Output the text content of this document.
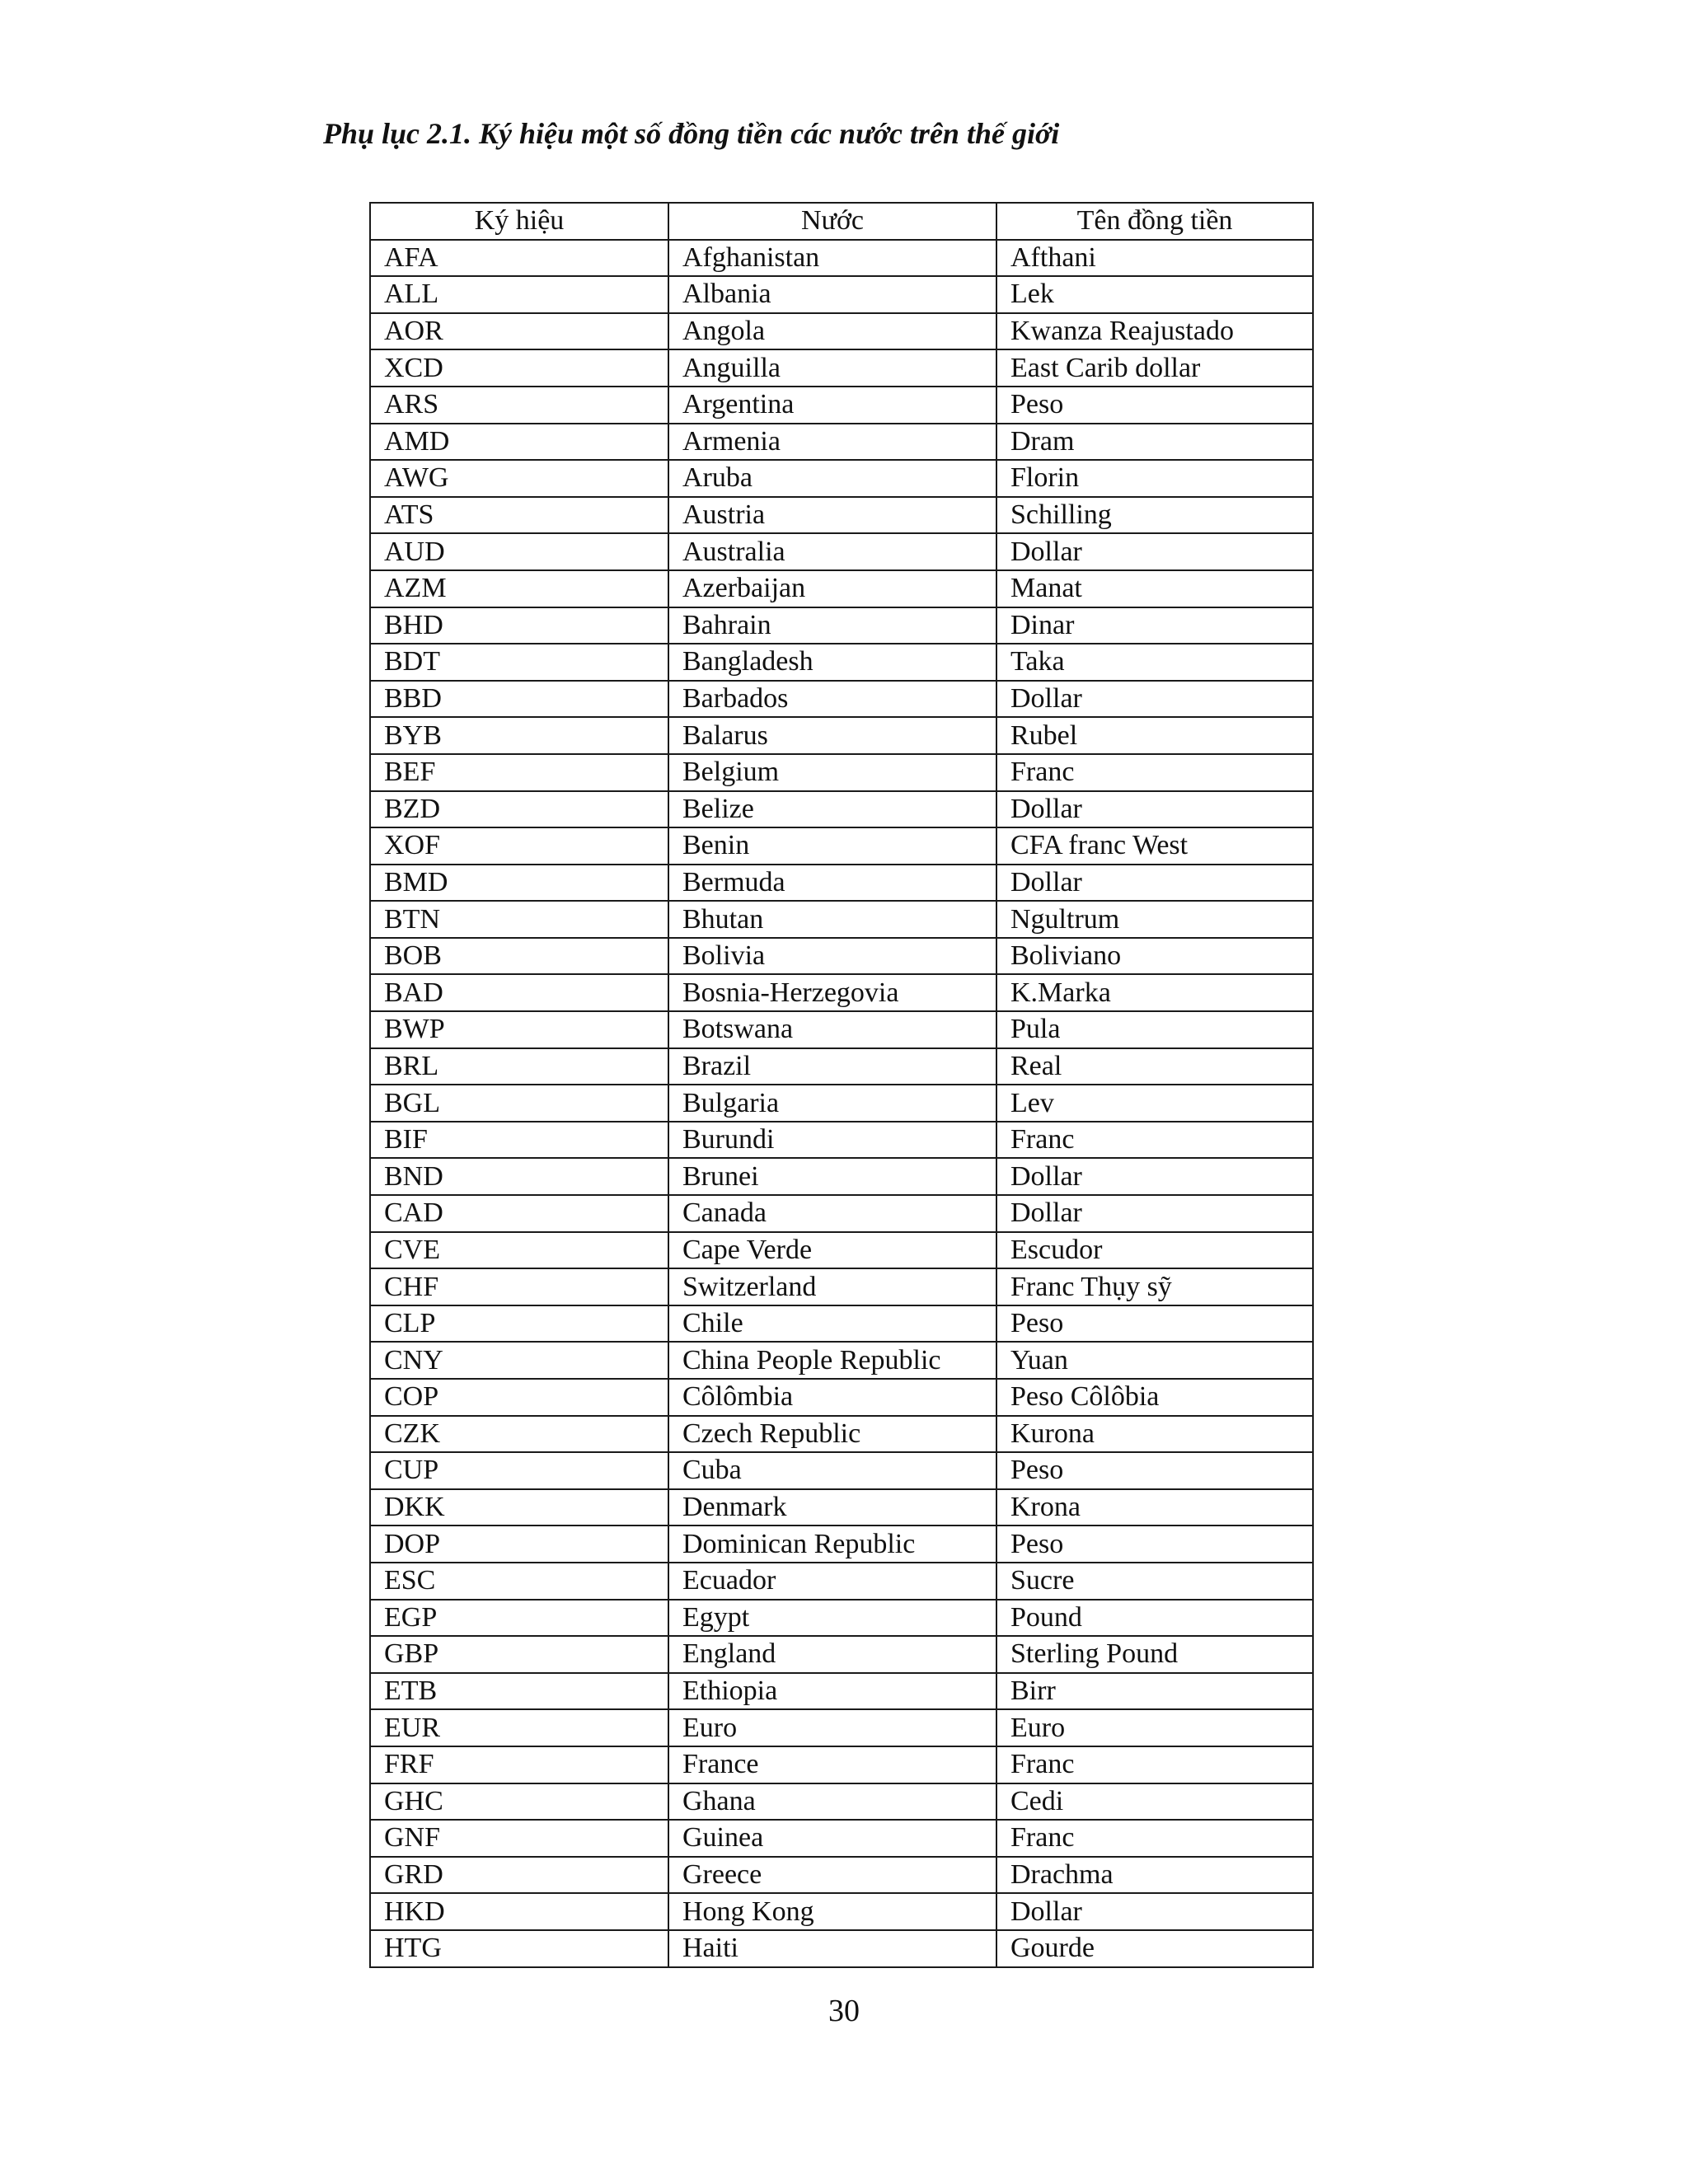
Phụ lục 2.1. Ký hiệu một số đồng tiền các nước trên thế giới
Ký hiệu	Nước	Tên đồng tiền
AFA	Afghanistan	Afthani
ALL	Albania	Lek
AOR	Angola	Kwanza Reajustado
XCD	Anguilla	East Carib dollar
ARS	Argentina	Peso
AMD	Armenia	Dram
AWG	Aruba	Florin
ATS	Austria	Schilling
AUD	Australia	Dollar
AZM	Azerbaijan	Manat
BHD	Bahrain	Dinar
BDT	Bangladesh	Taka
BBD	Barbados	Dollar
BYB	Balarus	Rubel
BEF	Belgium	Franc
BZD	Belize	Dollar
XOF	Benin	CFA franc West
BMD	Bermuda	Dollar
BTN	Bhutan	Ngultrum
BOB	Bolivia	Boliviano
BAD	Bosnia-Herzegovia	K.Marka
BWP	Botswana	Pula
BRL	Brazil	Real
BGL	Bulgaria	Lev
BIF	Burundi	Franc
BND	Brunei	Dollar
CAD	Canada	Dollar
CVE	Cape Verde	Escudor
CHF	Switzerland	Franc Thụy sỹ
CLP	Chile	Peso
CNY	China People Republic	Yuan
COP	Côlômbia	Peso Côlôbia
CZK	Czech Republic	Kurona
CUP	Cuba	Peso
DKK	Denmark	Krona
DOP	Dominican Republic	Peso
ESC	Ecuador	Sucre
EGP	Egypt	Pound
GBP	England	Sterling Pound
ETB	Ethiopia	Birr
EUR	Euro	Euro
FRF	France	Franc
GHC	Ghana	Cedi
GNF	Guinea	Franc
GRD	Greece	Drachma
HKD	Hong Kong	Dollar
HTG	Haiti	Gourde
30
